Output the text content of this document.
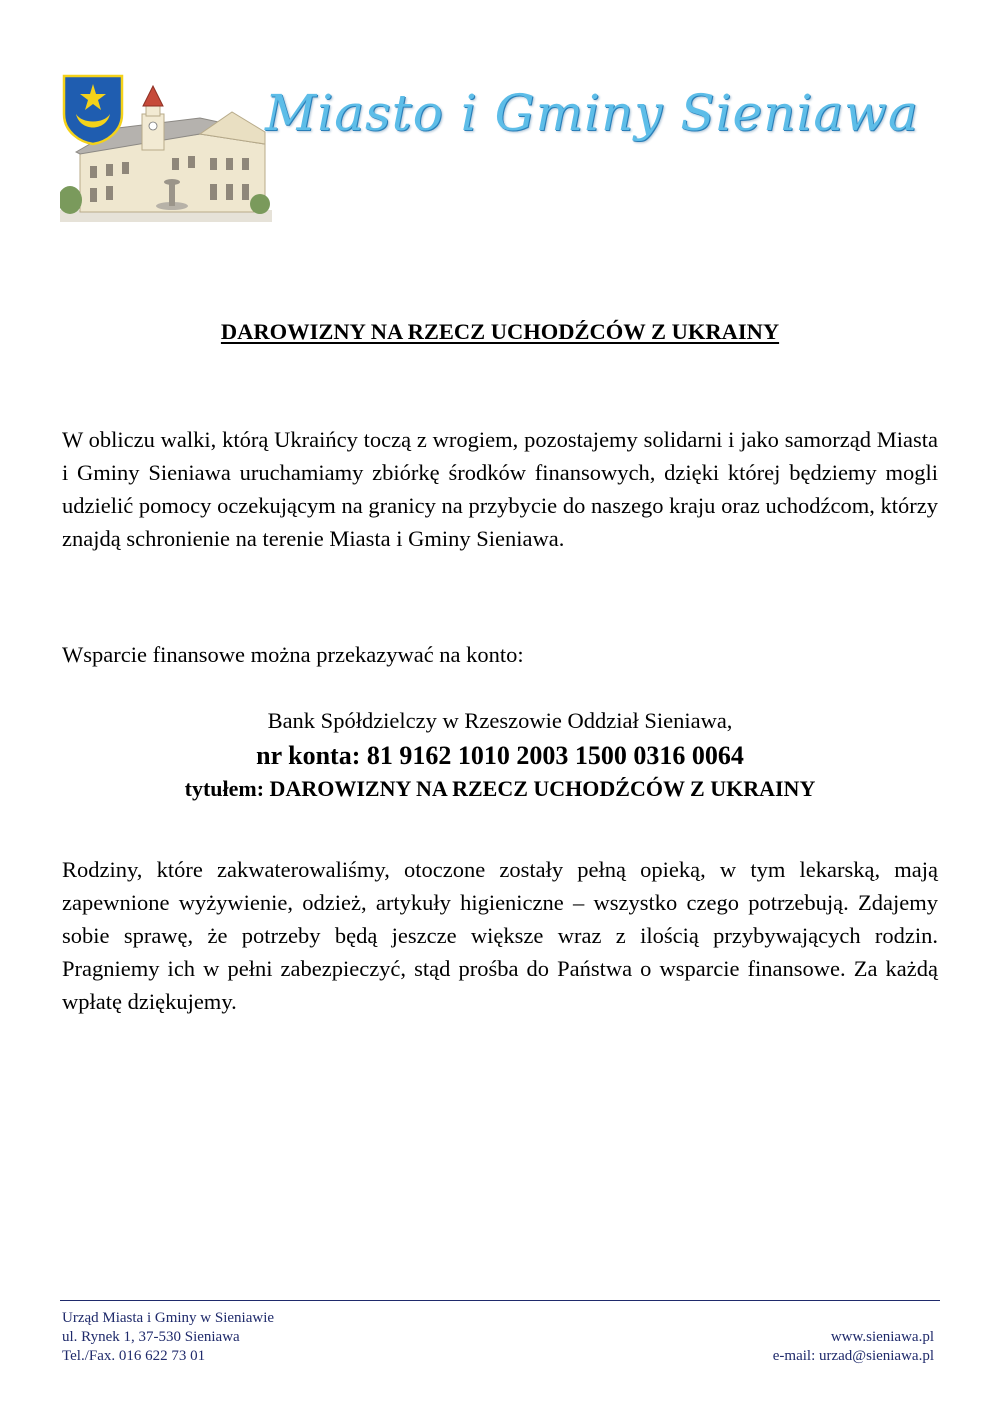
Miasto i Gminy Sieniawa
DAROWIZNY NA RZECZ UCHODŹCÓW Z UKRAINY
W obliczu walki, którą Ukraińcy toczą z wrogiem, pozostajemy solidarni i jako samorząd Miasta i Gminy Sieniawa uruchamiamy zbiórkę środków finansowych, dzięki której będziemy mogli udzielić pomocy oczekującym na granicy na przybycie do naszego kraju oraz uchodźcom, którzy znajdą schronienie na terenie Miasta i Gminy Sieniawa.
Wsparcie finansowe można przekazywać na konto:
Bank Spółdzielczy w Rzeszowie Oddział Sieniawa,
nr konta: 81 9162 1010 2003 1500 0316 0064
tytułem: DAROWIZNY NA RZECZ UCHODŹCÓW Z UKRAINY
Rodziny, które zakwaterowaliśmy, otoczone zostały pełną opieką, w tym lekarską, mają zapewnione wyżywienie, odzież, artykuły higieniczne – wszystko czego potrzebują. Zdajemy sobie sprawę, że potrzeby będą jeszcze większe wraz z ilością przybywających rodzin. Pragniemy ich w pełni zabezpieczyć, stąd prośba do Państwa o wsparcie finansowe. Za każdą wpłatę dziękujemy.
Urząd Miasta i Gminy w Sieniawie
ul. Rynek 1, 37-530 Sieniawa
Tel./Fax. 016 622 73 01
www.sieniawa.pl
e-mail: urzad@sieniawa.pl
